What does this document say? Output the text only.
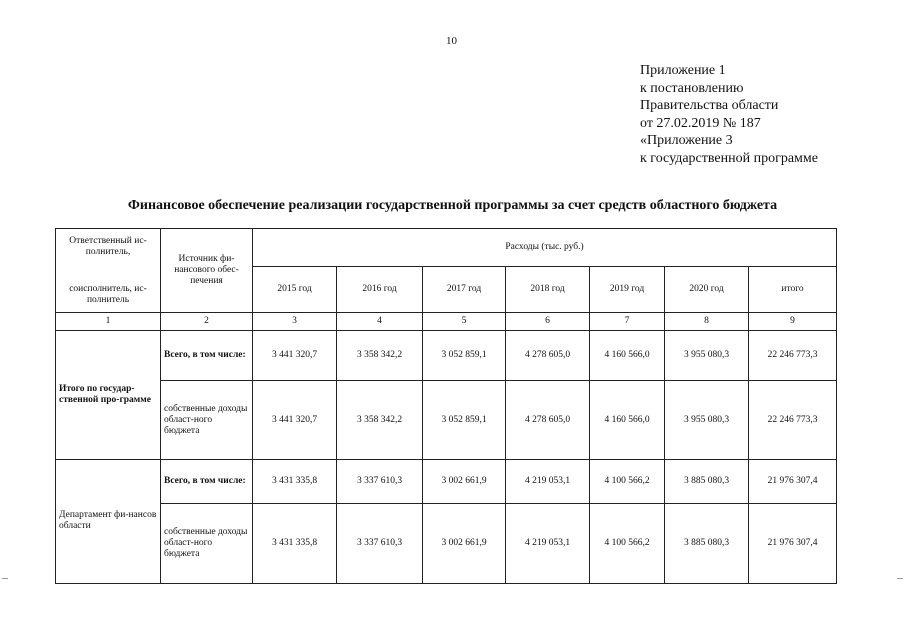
10
Приложение 1
к постановлению
Правительства области
от 27.02.2019 № 187
«Приложение 3
к государственной программе
Финансовое обеспечение реализации государственной программы за счет средств областного бюджета
Ответственный ис-полнитель,
соисполнитель, ис-полнитель	Источник фи-нансового обес-печения	Расходы (тыс. руб.)						
		2015 год	2016 год	2017 год	2018 год	2019 год	2020 год	итого
1	2	3	4	5	6	7	8	9
Итого по государ-ственной про-грамме	Всего, в том числе:	3 441 320,7	3 358 342,2	3 052 859,1	4 278 605,0	4 160 566,0	3 955 080,3	22 246 773,3
	собственные доходы област-ного бюджета	3 441 320,7	3 358 342,2	3 052 859,1	4 278 605,0	4 160 566,0	3 955 080,3	22 246 773,3
Департамент фи-нансов области	Всего, в том числе:	3 431 335,8	3 337 610,3	3 002 661,9	4 219 053,1	4 100 566,2	3 885 080,3	21 976 307,4
	собственные доходы област-ного бюджета	3 431 335,8	3 337 610,3	3 002 661,9	4 219 053,1	4 100 566,2	3 885 080,3	21 976 307,4
